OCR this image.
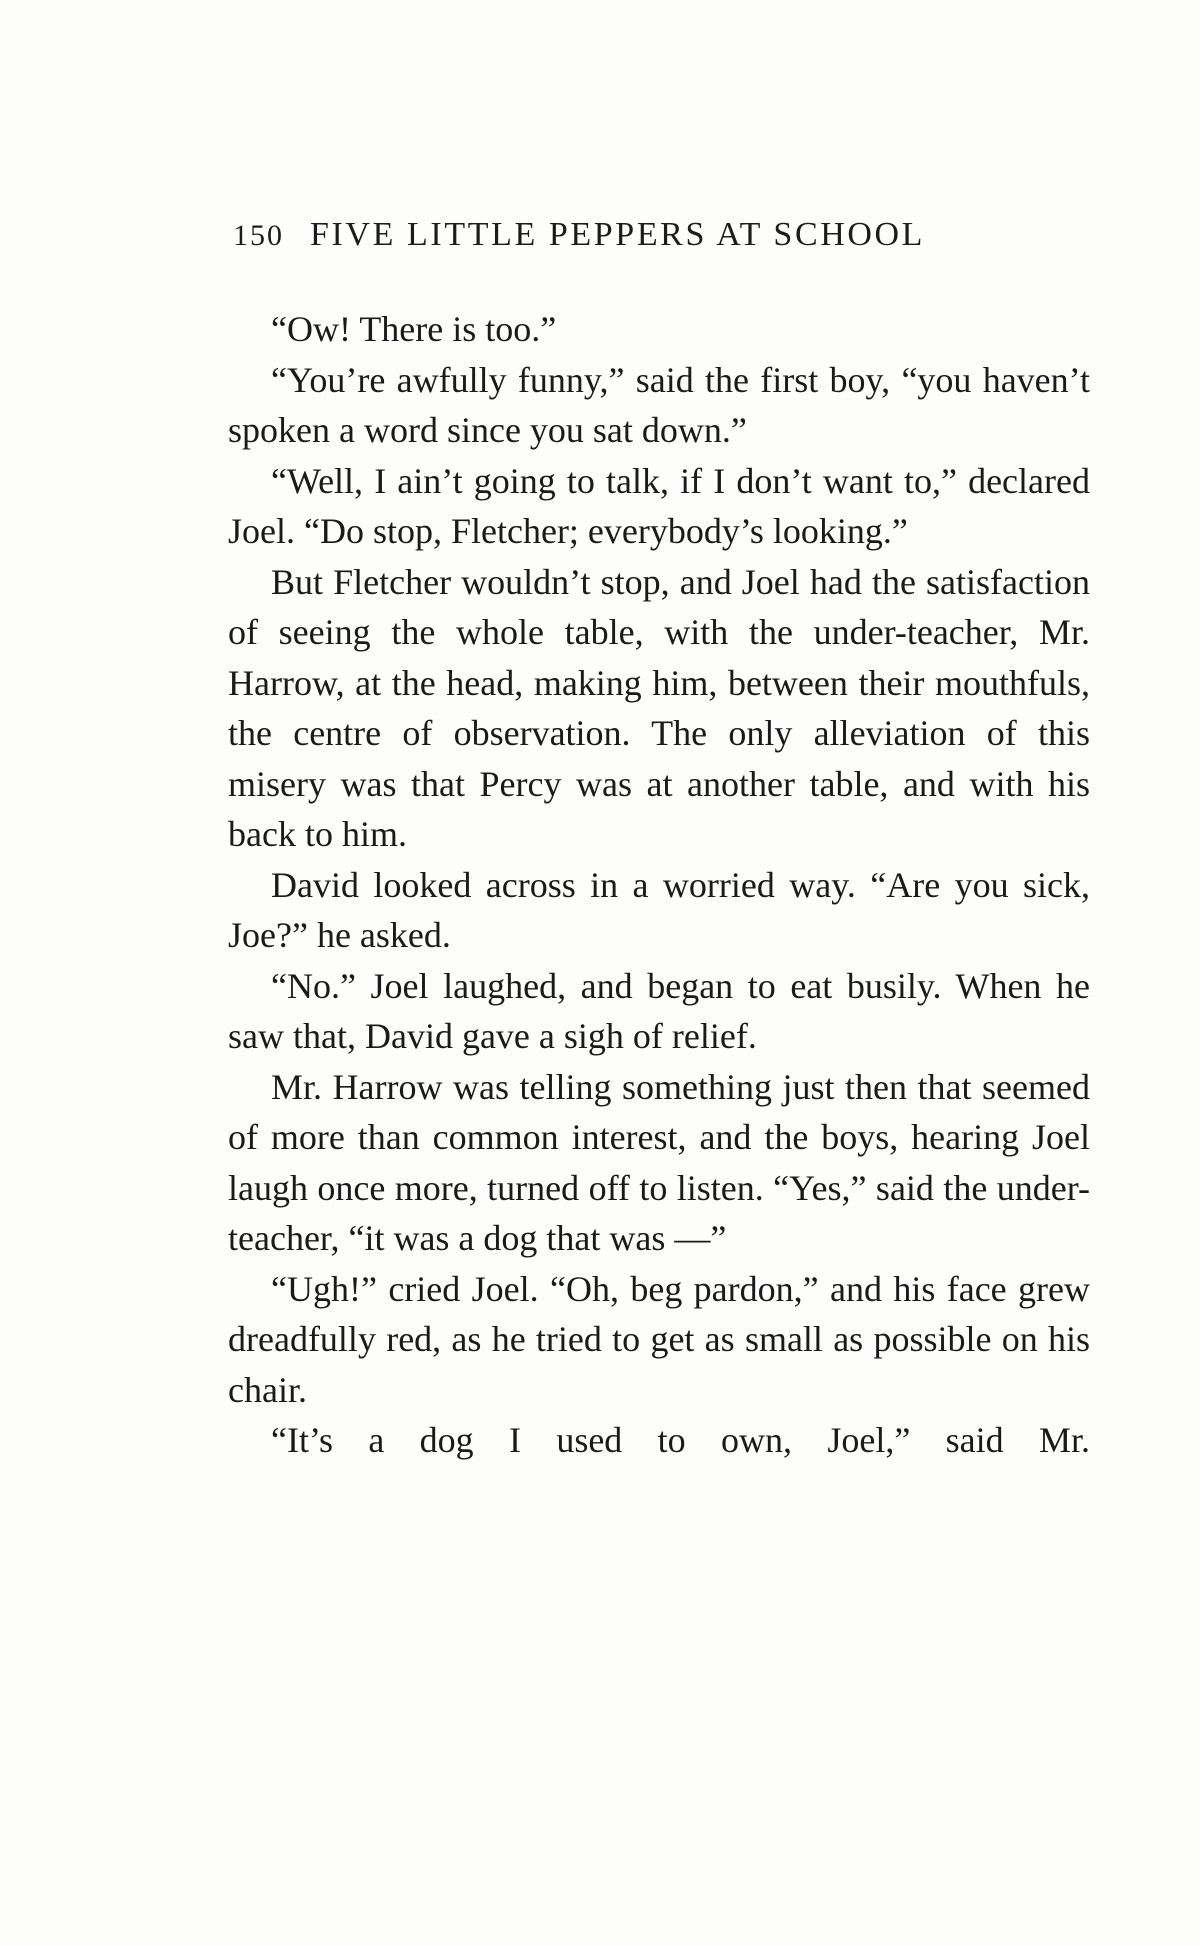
150 FIVE LITTLE PEPPERS AT SCHOOL

“Ow! There is too.”

“You’re awfully funny,” said the first boy, “you haven’t spoken a word since you sat down.”

“Well, I ain’t going to talk, if I don’t want to,” declared Joel. “Do stop, Fletcher; everybody’s looking.”

But Fletcher wouldn’t stop, and Joel had the satisfaction of seeing the whole table, with the under-teacher, Mr. Harrow, at the head, making him, between their mouthfuls, the centre of observation. The only alleviation of this misery was that Percy was at another table, and with his back to him.

David looked across in a worried way. “Are you sick, Joe?” he asked.

“No.” Joel laughed, and began to eat busily. When he saw that, David gave a sigh of relief.

Mr. Harrow was telling something just then that seemed of more than common interest, and the boys, hearing Joel laugh once more, turned off to listen. “Yes,” said the under-teacher, “it was a dog that was —”

“Ugh!” cried Joel. “Oh, beg pardon,” and his face grew dreadfully red, as he tried to get as small as possible on his chair.

“It’s a dog I used to own, Joel,” said Mr.
